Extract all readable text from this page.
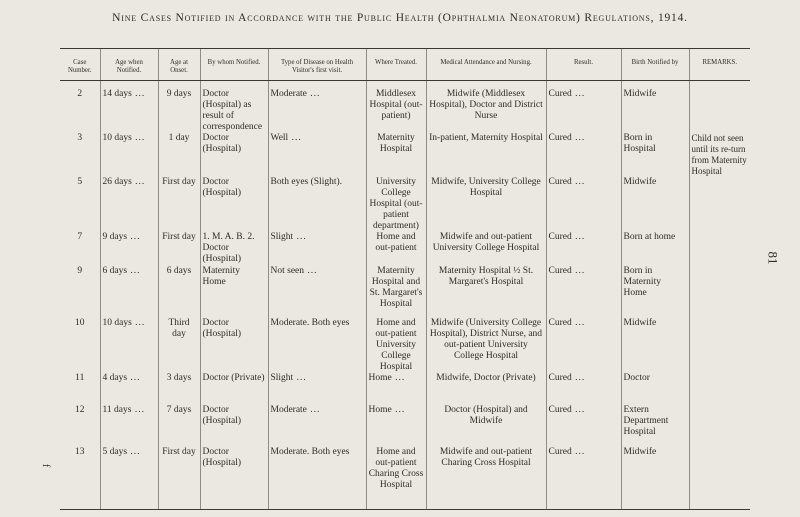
Nine Cases Notified in Accordance with the Public Health (Ophthalmia Neonatorum) Regulations, 1914.
81
f
Case Number.	Age when Notified.	Age at Onset.	By whom Notified.	Type of Disease on Health Visitor's first visit.	Where Treated.	Medical Attendance and Nursing.	Result.	Birth Notified by	REMARKS.
2	14 days ...	9 days	Doctor (Hospital) as result of correspondence	Moderate ...	Middlesex Hospital (out-patient)	Midwife (Middlesex Hospital), Doctor and District Nurse	Cured ...	Midwife	
3	10 days ...	1 day	Doctor (Hospital)	Well ...	Maternity Hospital	In-patient, Maternity Hospital	Cured ...	Born in Hospital	Child not seen until its re-turn from Maternity Hospital
5	26 days ...	First day	Doctor (Hospital)	Both eyes (Slight).	University College Hospital (out-patient department)	Midwife, University College Hospital	Cured ...	Midwife	
7	9 days ...	First day	1. M. A. B. 2. Doctor (Hospital)	Slight ...	Home and out-patient	Midwife and out-patient University College Hospital	Cured ...	Born at home	
9	6 days ...	6 days	Maternity Home	Not seen ...	Maternity Hospital and St. Margaret's Hospital	Maternity Hospital ½ St. Margaret's Hospital	Cured ...	Born in Maternity Home	
10	10 days ...	Third day	Doctor (Hospital)	Moderate. Both eyes	Home and out-patient University College Hospital	Midwife (University College Hospital), District Nurse, and out-patient University College Hospital	Cured ...	Midwife	
11	4 days ...	3 days	Doctor (Private)	Slight ...	Home ...	Midwife, Doctor (Private)	Cured ...	Doctor	
12	11 days ...	7 days	Doctor (Hospital)	Moderate ...	Home ...	Doctor (Hospital) and Midwife	Cured ...	Extern Department Hospital	
13	5 days ...	First day	Doctor (Hospital)	Moderate. Both eyes	Home and out-patient Charing Cross Hospital	Midwife and out-patient Charing Cross Hospital	Cured ...	Midwife	
